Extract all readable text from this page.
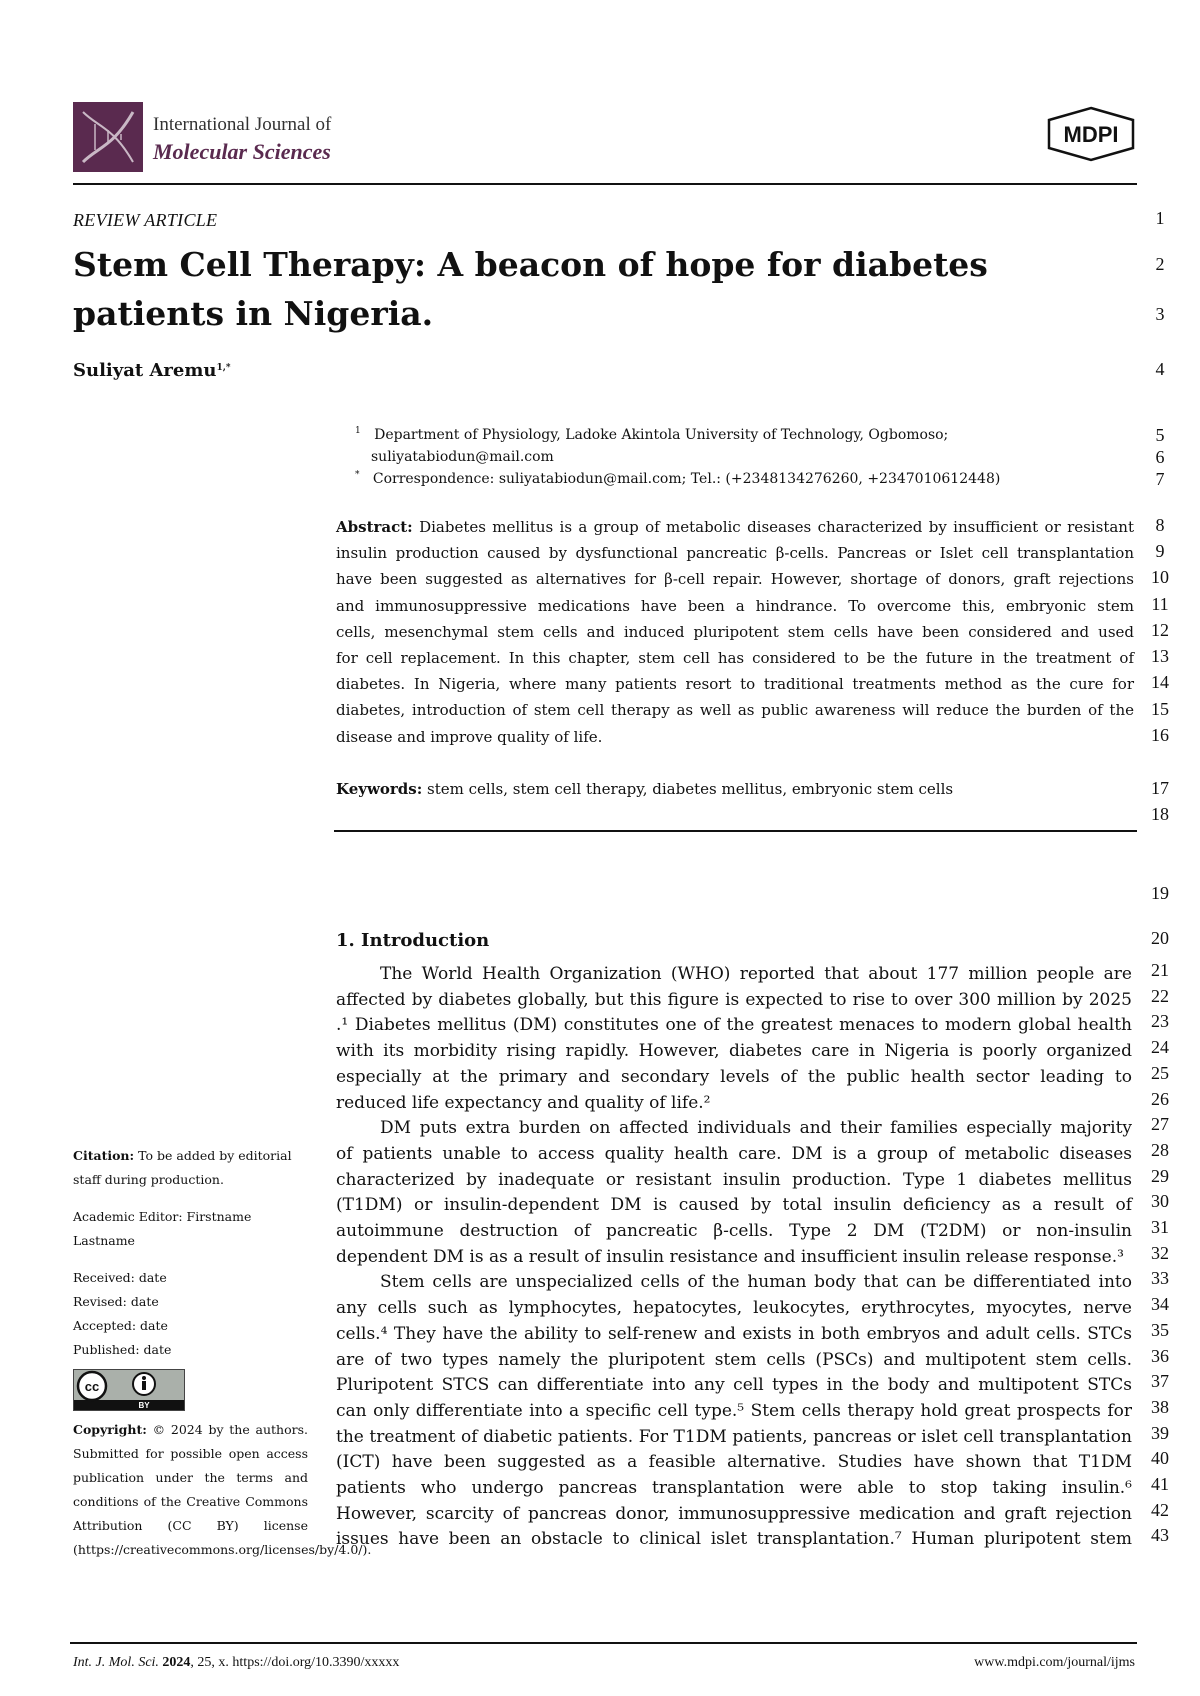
International Journal of
Molecular Sciences
MDPI
1
2
3
4
5
6
7
8
9
10
11
12
13
14
15
16
17
18
19
20
21
22
23
24
25
26
27
28
29
30
31
32
33
34
35
36
37
38
39
40
41
42
43
REVIEW ARTICLE
Stem Cell Therapy: A beacon of hope for diabetes patients in Nigeria.
Suliyat Aremu$^{1,*}$
$^1$ Department of Physiology, Ladoke Akintola University of Technology, Ogbomoso;
suliyatabiodun@mail.com
* Correspondence: suliyatabiodun@mail.com; Tel.: (+2348134276260, +2347010612448)
Abstract: Diabetes mellitus is a group of metabolic diseases characterized by insufficient or resistant
insulin production caused by dysfunctional pancreatic β-cells. Pancreas or Islet cell transplantation
have been suggested as alternatives for β-cell repair. However, shortage of donors, graft rejections
and immunosuppressive medications have been a hindrance. To overcome this, embryonic stem
cells, mesenchymal stem cells and induced pluripotent stem cells have been considered and used
for cell replacement. In this chapter, stem cell has considered to be the future in the treatment of
diabetes. In Nigeria, where many patients resort to traditional treatments method as the cure for
diabetes, introduction of stem cell therapy as well as public awareness will reduce the burden of the
disease and improve quality of life.
Keywords: stem cells, stem cell therapy, diabetes mellitus, embryonic stem cells
1. Introduction
The World Health Organization (WHO) reported that about 177 million people are
affected by diabetes globally, but this figure is expected to rise to over 300 million by 2025
.¹ Diabetes mellitus (DM) constitutes one of the greatest menaces to modern global health
with its morbidity rising rapidly. However, diabetes care in Nigeria is poorly organized
especially at the primary and secondary levels of the public health sector leading to
reduced life expectancy and quality of life.²
DM puts extra burden on affected individuals and their families especially majority
of patients unable to access quality health care. DM is a group of metabolic diseases
characterized by inadequate or resistant insulin production. Type 1 diabetes mellitus
(T1DM) or insulin-dependent DM is caused by total insulin deficiency as a result of
autoimmune destruction of pancreatic β-cells. Type 2 DM (T2DM) or non-insulin
dependent DM is as a result of insulin resistance and insufficient insulin release response.³
Stem cells are unspecialized cells of the human body that can be differentiated into
any cells such as lymphocytes, hepatocytes, leukocytes, erythrocytes, myocytes, nerve
cells.⁴ They have the ability to self-renew and exists in both embryos and adult cells. STCs
are of two types namely the pluripotent stem cells (PSCs) and multipotent stem cells.
Pluripotent STCS can differentiate into any cell types in the body and multipotent STCs
can only differentiate into a specific cell type.⁵ Stem cells therapy hold great prospects for
the treatment of diabetic patients. For T1DM patients, pancreas or islet cell transplantation
(ICT) have been suggested as a feasible alternative. Studies have shown that T1DM
patients who undergo pancreas transplantation were able to stop taking insulin.⁶
However, scarcity of pancreas donor, immunosuppressive medication and graft rejection
issues have been an obstacle to clinical islet transplantation.⁷ Human pluripotent stem
Citation: To be added by editorial staff during production.
Academic Editor: Firstname Lastname
Received: date
Revised: date
Accepted: date
Published: date
cc
BY
Copyright: © 2024 by the authors. Submitted for possible open access publication under the terms and conditions of the Creative Commons Attribution (CC BY) license (https://creativecommons.org/licenses/by/4.0/).
Int. J. Mol. Sci. 2024, 25, x. https://doi.org/10.3390/xxxxx	www.mdpi.com/journal/ijms
